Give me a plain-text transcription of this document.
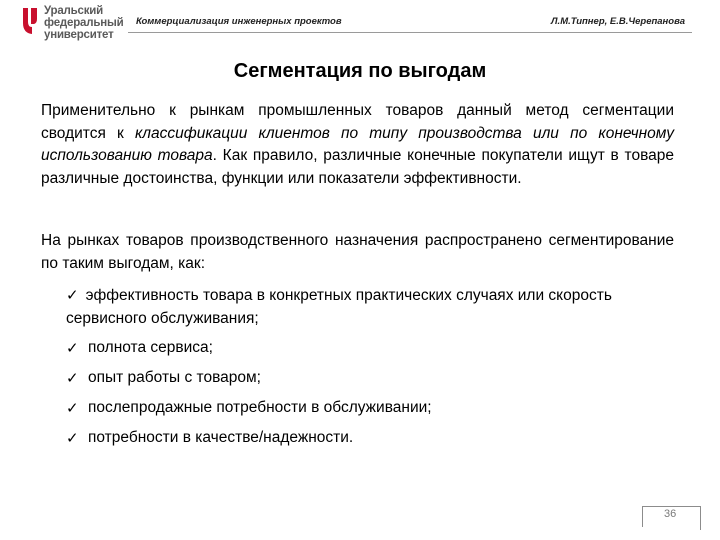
Уральский
федеральный
университет
Коммерциализация инженерных проектов	Л.М.Типнер, Е.В.Черепанова
Сегментация по выгодам
Применительно к рынкам промышленных товаров данный метод сегментации сводится к классификации клиентов по типу производства или по конечному использованию товара. Как правило, различные конечные покупатели ищут в товаре различные достоинства, функции или показатели эффективности.
На рынках товаров производственного назначения распространено сегментирование по таким выгодам, как:
✓ эффективность товара в конкретных практических случаях или скорость сервисного обслуживания;
✓ полнота сервиса;
✓ опыт работы с товаром;
✓ послепродажные потребности в обслуживании;
✓ потребности в качестве/надежности.
36
